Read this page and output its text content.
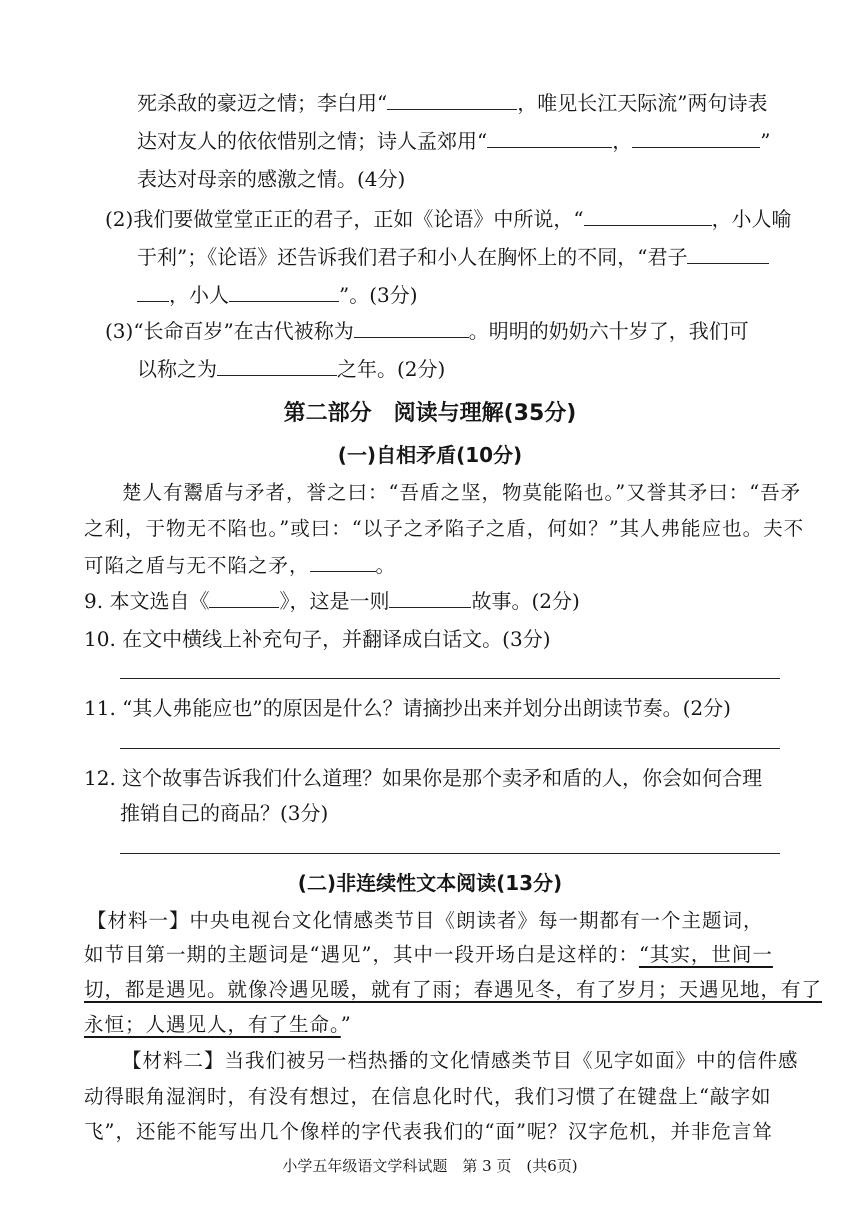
死杀敌的豪迈之情；李白用“	，唯见长江天际流”两句诗表
达对友人的依依惜别之情；诗人孟郊用“	，	”
表达对母亲的感激之情。(4分)
(2)我们要做堂堂正正的君子，正如《论语》中所说，“	，小人喻
于利”；《论语》还告诉我们君子和小人在胸怀上的不同，“君子
，小人	”。(3分)
(3)“长命百岁”在古代被称为	。明明的奶奶六十岁了，我们可
以称之为	之年。(2分)
第二部分　阅读与理解(35分)
(一)自相矛盾(10分)
楚人有鬻盾与矛者，誉之曰：“吾盾之坚，物莫能陷也。”又誉其矛曰：“吾矛
之利，于物无不陷也。”或曰：“以子之矛陷子之盾，何如？”其人弗能应也。夫不
可陷之盾与无不陷之矛，	。
9. 本文选自《	》，这是一则	故事。(2分)
10. 在文中横线上补充句子，并翻译成白话文。(3分)
11. “其人弗能应也”的原因是什么？请摘抄出来并划分出朗读节奏。(2分)
12. 这个故事告诉我们什么道理？如果你是那个卖矛和盾的人，你会如何合理
推销自己的商品？(3分)
(二)非连续性文本阅读(13分)
【材料一】中央电视台文化情感类节目《朗读者》每一期都有一个主题词，
如节目第一期的主题词是“遇见”，其中一段开场白是这样的：“其实，世间一
切，都是遇见。就像冷遇见暖，就有了雨；春遇见冬，有了岁月；天遇见地，有了
永恒；人遇见人，有了生命。”
【材料二】当我们被另一档热播的文化情感类节目《见字如面》中的信件感
动得眼角湿润时，有没有想过，在信息化时代，我们习惯了在键盘上“敲字如
飞”，还能不能写出几个像样的字代表我们的“面”呢？汉字危机，并非危言耸
小学五年级语文学科试题　第 3 页　(共6页)
